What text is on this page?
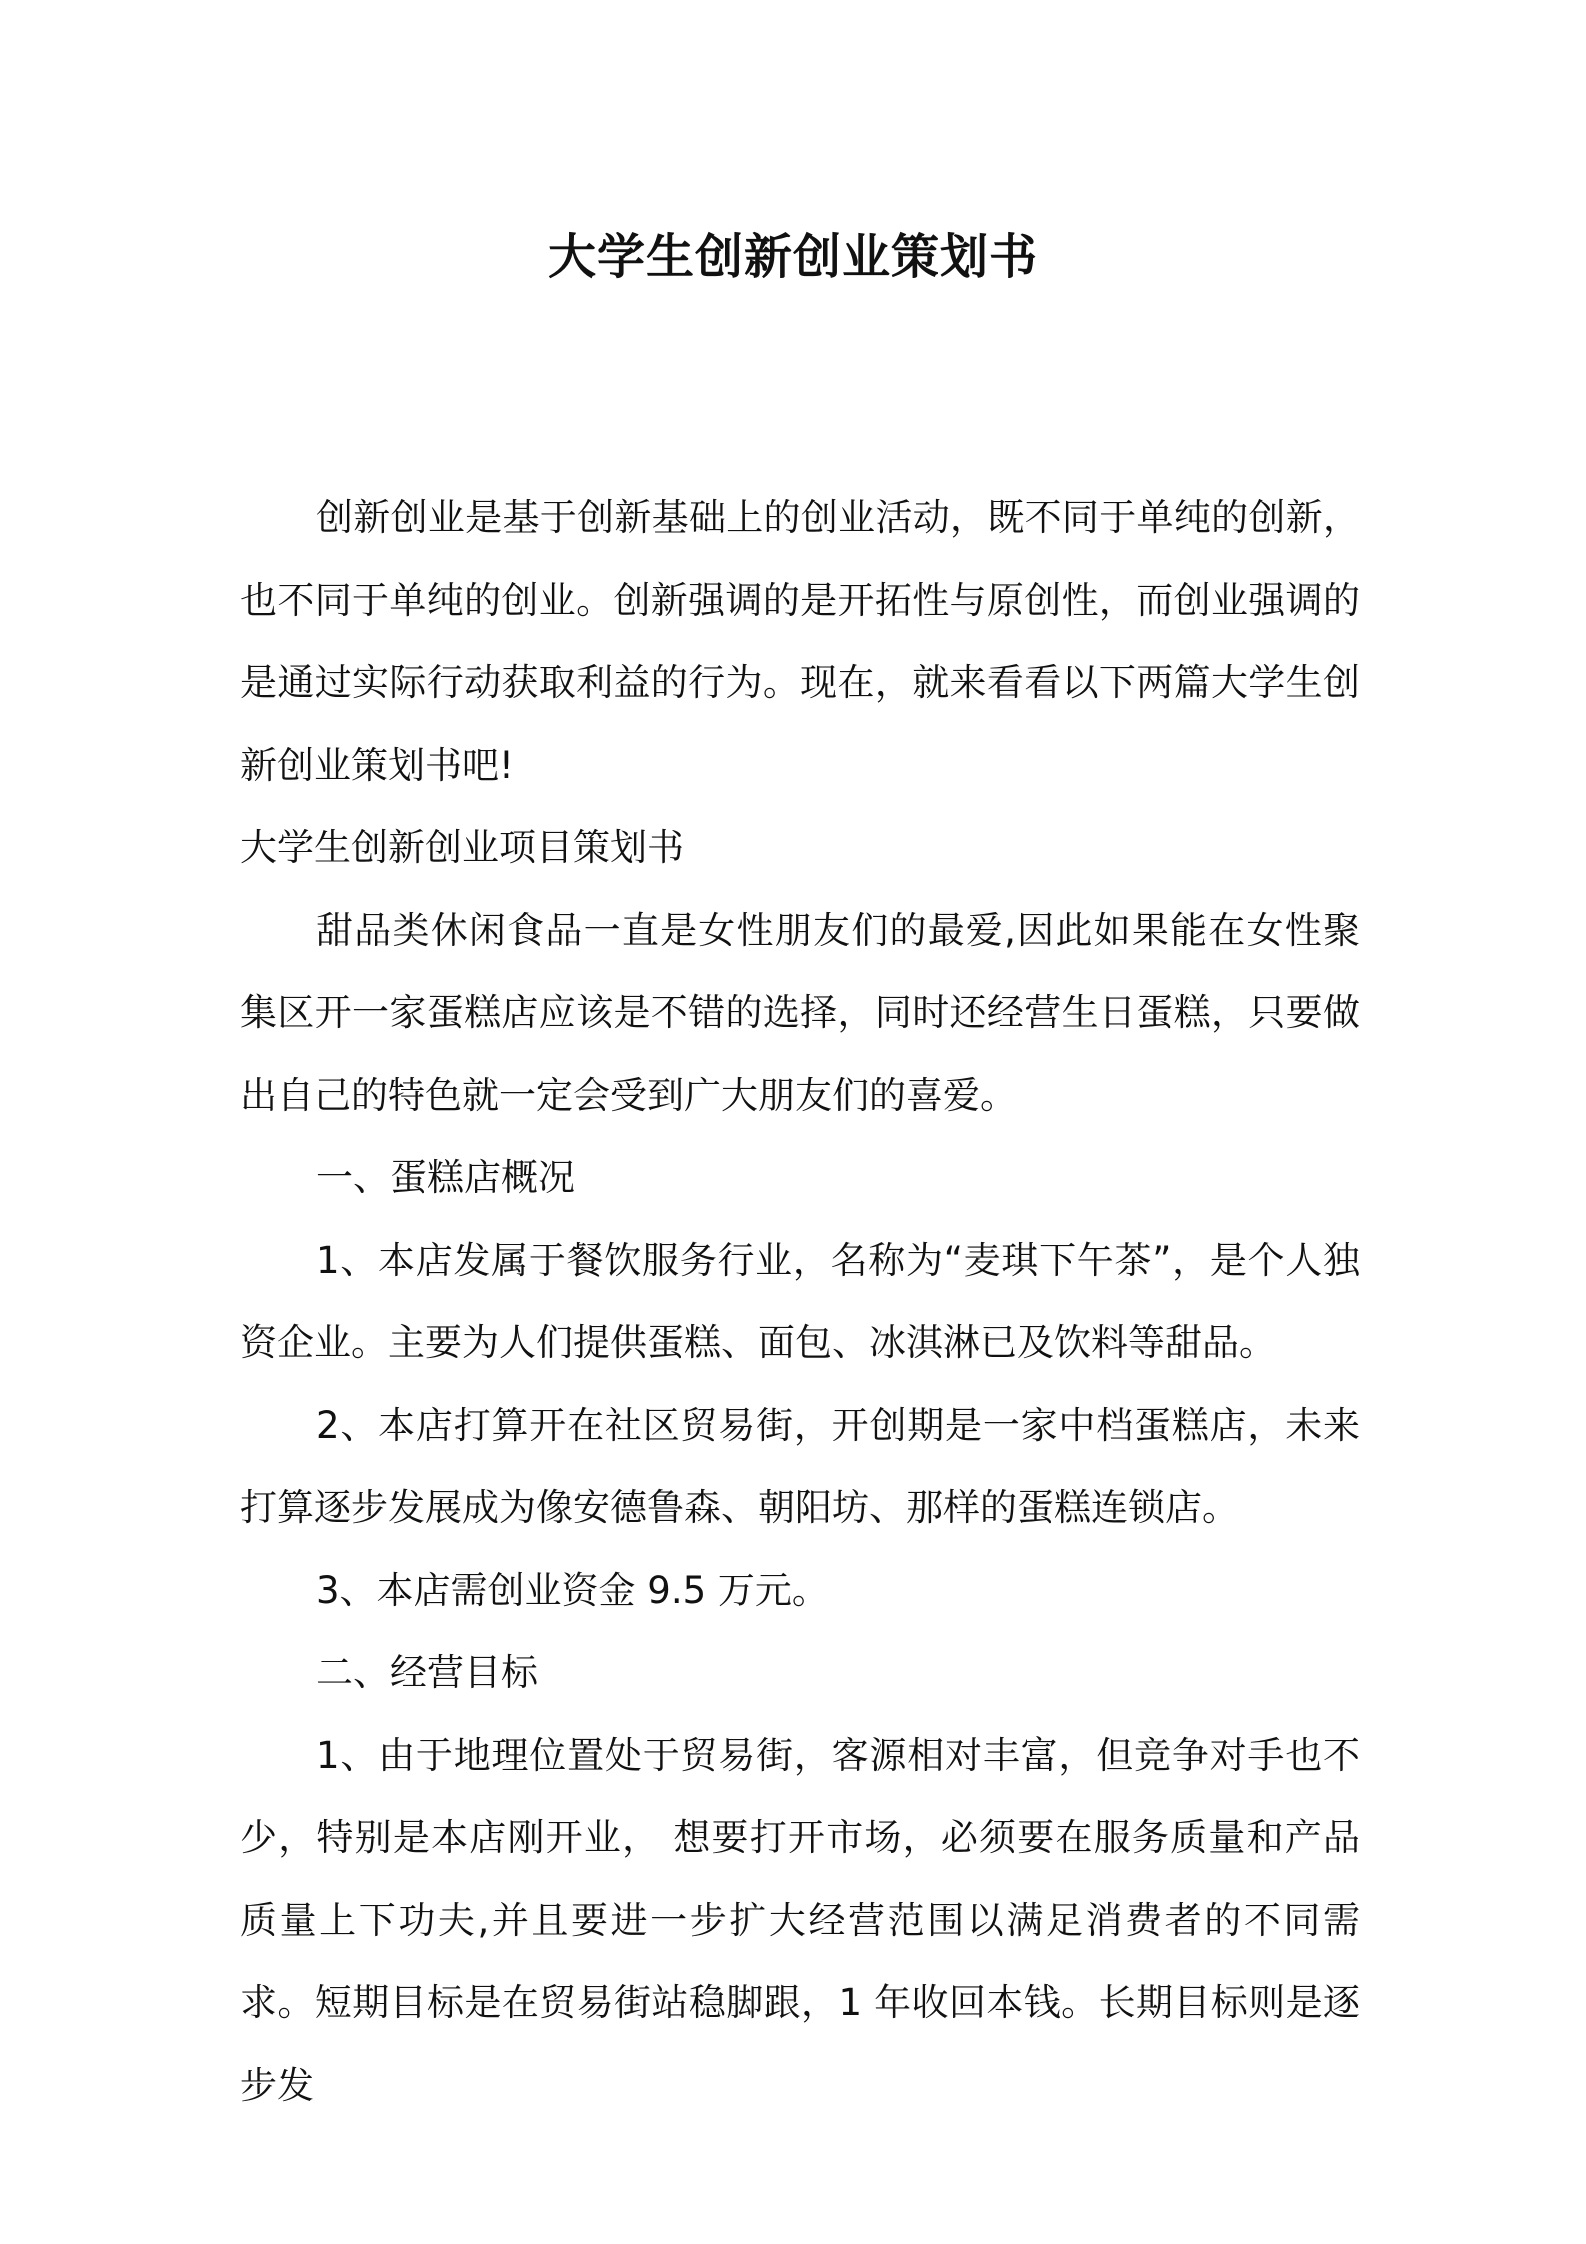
大学生创新创业策划书

创新创业是基于创新基础上的创业活动，既不同于单纯的创新，也不同于单纯的创业。创新强调的是开拓性与原创性，而创业强调的是通过实际行动获取利益的行为。现在，就来看看以下两篇大学生创新创业策划书吧!

大学生创新创业项目策划书

甜品类休闲食品一直是女性朋友们的最爱,因此如果能在女性聚集区开一家蛋糕店应该是不错的选择，同时还经营生日蛋糕，只要做出自己的特色就一定会受到广大朋友们的喜爱。

一、蛋糕店概况

1、本店发属于餐饮服务行业，名称为“麦琪下午茶”，是个人独资企业。主要为人们提供蛋糕、面包、冰淇淋已及饮料等甜品。

2、本店打算开在社区贸易街，开创期是一家中档蛋糕店，未来打算逐步发展成为像安德鲁森、朝阳坊、那样的蛋糕连锁店。

3、本店需创业资金 9.5 万元。

二、经营目标

1、由于地理位置处于贸易街，客源相对丰富，但竞争对手也不少，特别是本店刚开业， 想要打开市场，必须要在服务质量和产品质量上下功夫,并且要进一步扩大经营范围以满足消费者的不同需求。短期目标是在贸易街站稳脚跟，1 年收回本钱。长期目标则是逐步发
